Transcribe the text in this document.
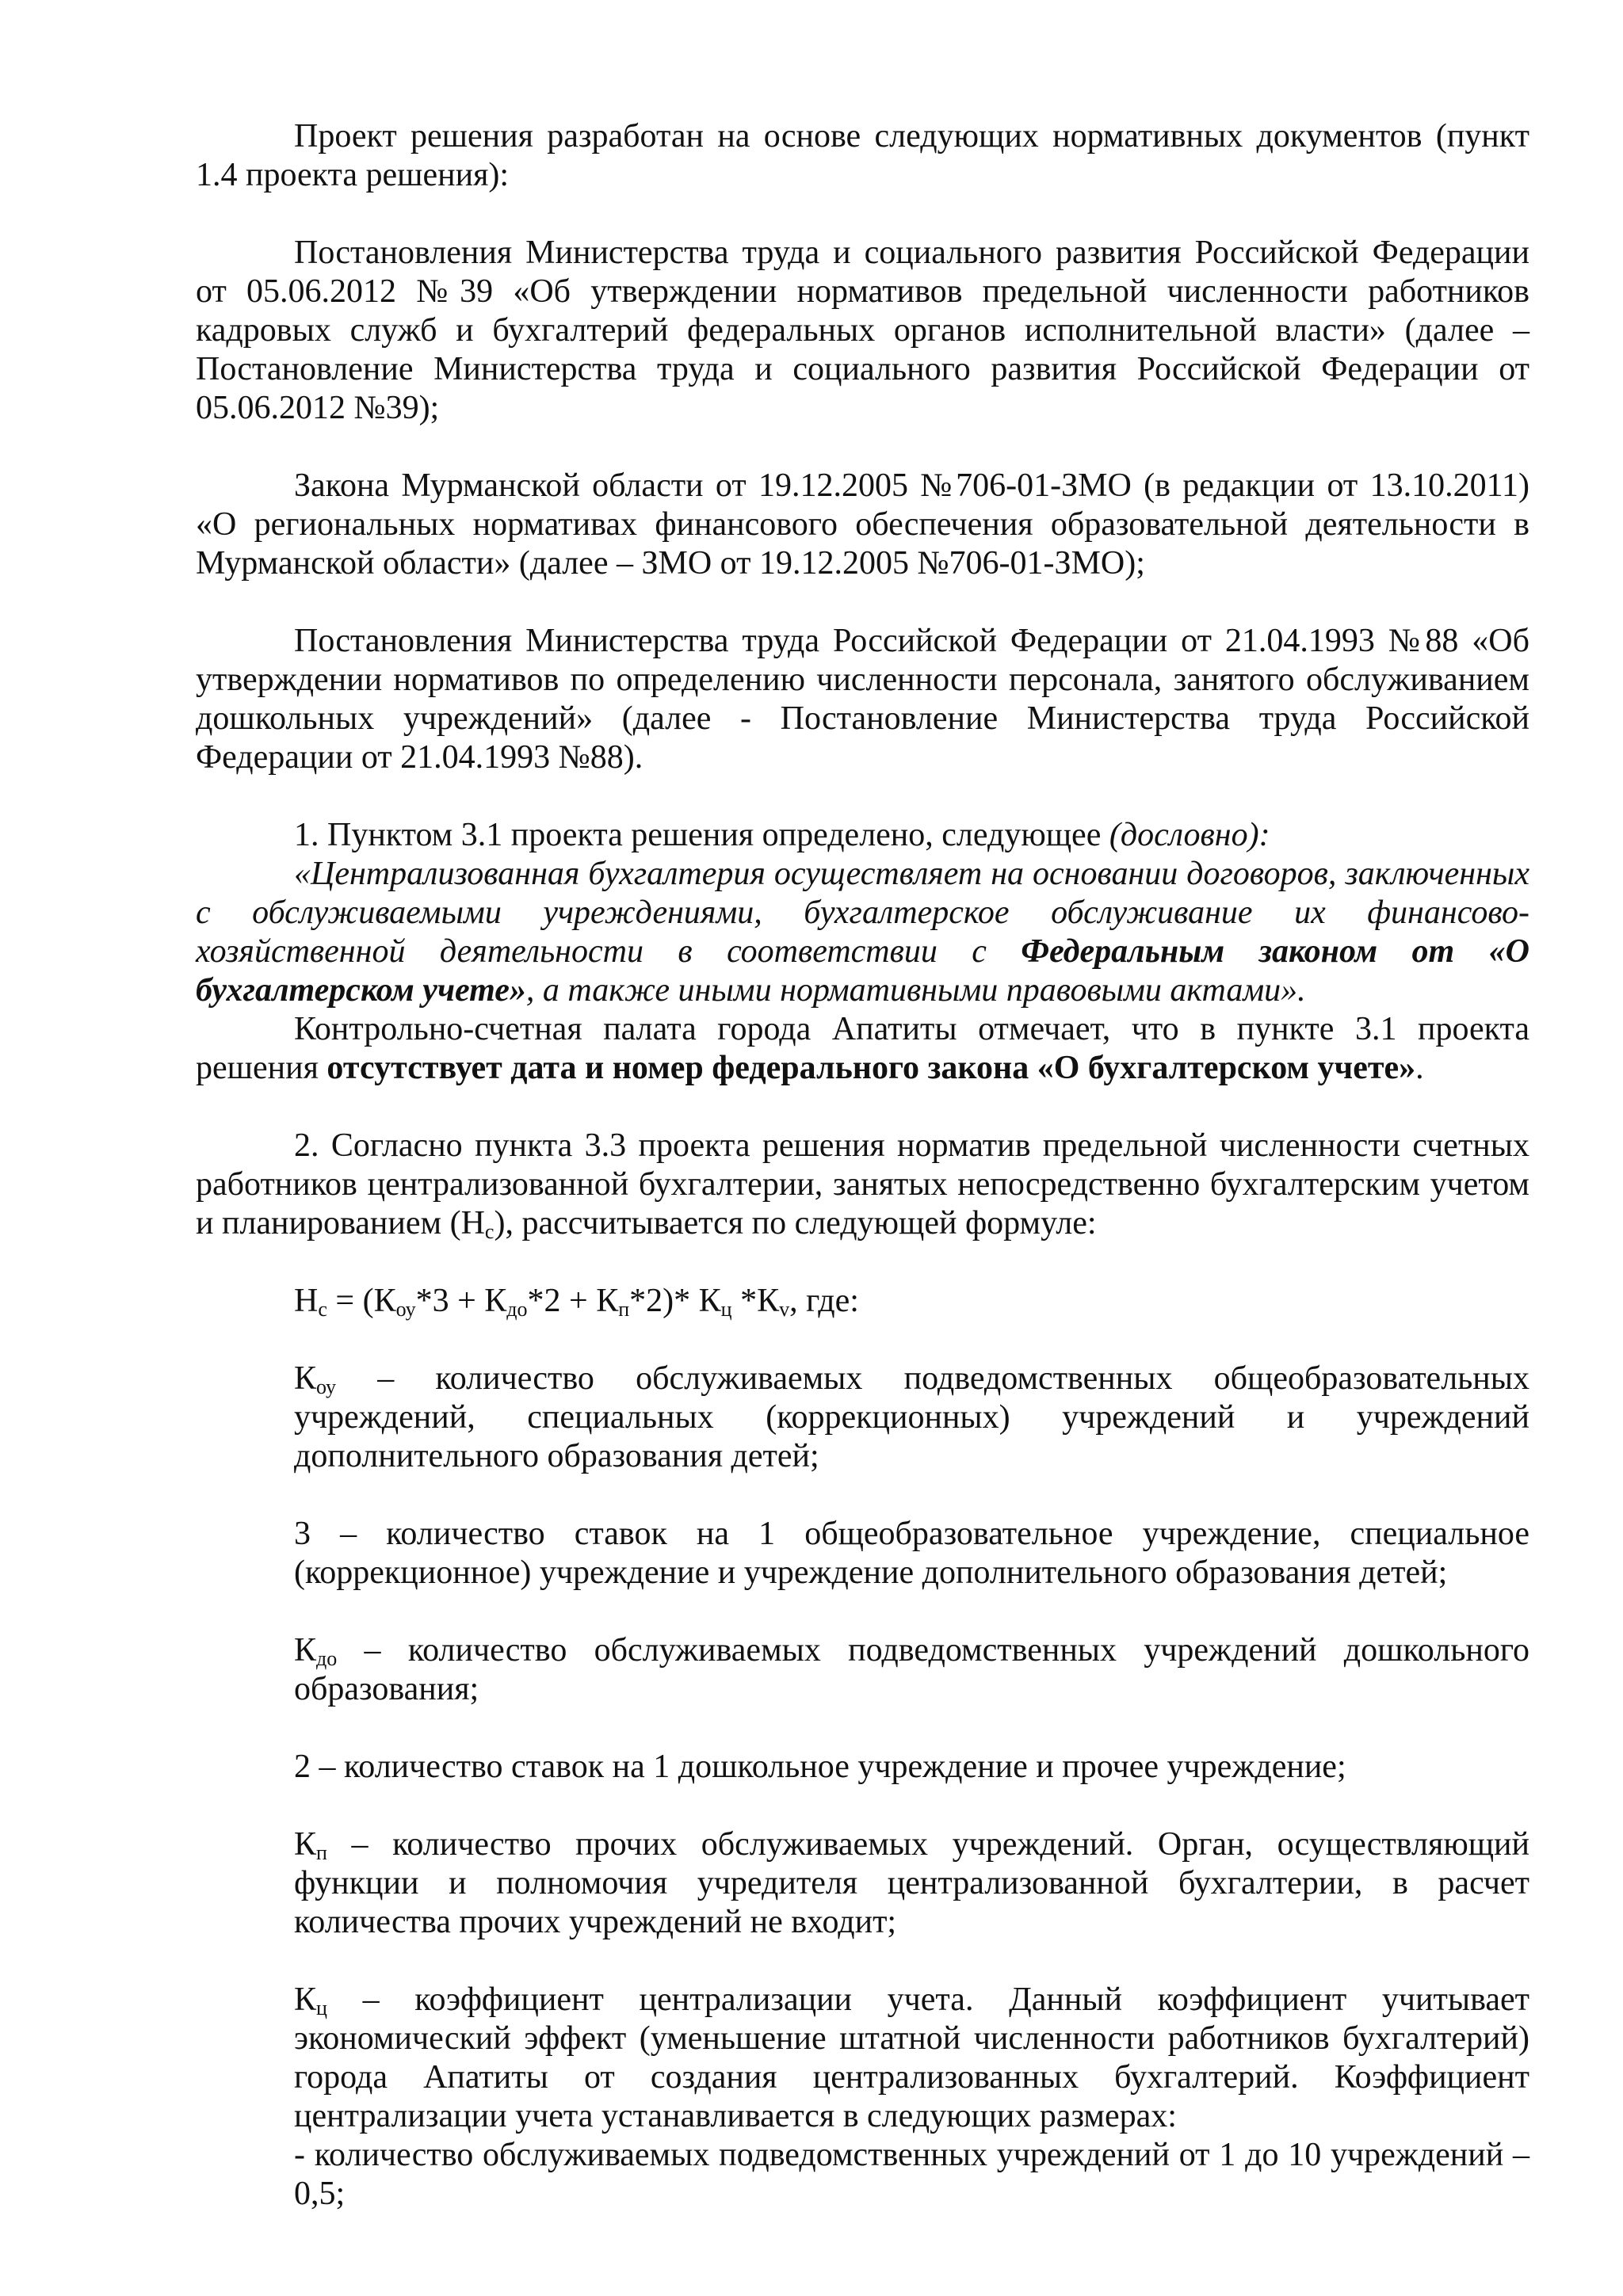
Проект решения разработан на основе следующих нормативных документов (пункт 1.4 проекта решения):

Постановления Министерства труда и социального развития Российской Федерации от 05.06.2012 №39 «Об утверждении нормативов предельной численности работников кадровых служб и бухгалтерий федеральных органов исполнительной власти» (далее – Постановление Министерства труда и социального развития Российской Федерации от 05.06.2012 №39);

Закона Мурманской области от 19.12.2005 №706-01-ЗМО (в редакции от 13.10.2011) «О региональных нормативах финансового обеспечения образовательной деятельности в Мурманской области» (далее – ЗМО от 19.12.2005 №706-01-ЗМО);

Постановления Министерства труда Российской Федерации от 21.04.1993 №88 «Об утверждении нормативов по определению численности персонала, занятого обслуживанием дошкольных учреждений» (далее - Постановление Министерства труда Российской Федерации от 21.04.1993 №88).

1. Пунктом 3.1 проекта решения определено, следующее (дословно):

«Централизованная бухгалтерия осуществляет на основании договоров, заключенных с обслуживаемыми учреждениями, бухгалтерское обслуживание их финансово-хозяйственной деятельности в соответствии с Федеральным законом от «О бухгалтерском учете», а также иными нормативными правовыми актами».

Контрольно-счетная палата города Апатиты отмечает, что в пункте 3.1 проекта решения отсутствует дата и номер федерального закона «О бухгалтерском учете».

2. Согласно пункта 3.3 проекта решения норматив предельной численности счетных работников централизованной бухгалтерии, занятых непосредственно бухгалтерским учетом и планированием $(Н_с)$, рассчитывается по следующей формуле:

$Н_с = (К_{оу}*3 + К_{до}*2 + К_п*2)*$ $К_ц$ $*К_v$, где:

$К_{оу}$ – количество обслуживаемых подведомственных общеобразовательных учреждений, специальных (коррекционных) учреждений и учреждений дополнительного образования детей;

3 – количество ставок на 1 общеобразовательное учреждение, специальное (коррекционное) учреждение и учреждение дополнительного образования детей;

$К_{до}$ – количество обслуживаемых подведомственных учреждений дошкольного образования;

2 – количество ставок на 1 дошкольное учреждение и прочее учреждение;

$К_п$ – количество прочих обслуживаемых учреждений. Орган, осуществляющий функции и полномочия учредителя централизованной бухгалтерии, в расчет количества прочих учреждений не входит;

$К_ц$ – коэффициент централизации учета. Данный коэффициент учитывает экономический эффект (уменьшение штатной численности работников бухгалтерий) города Апатиты от создания централизованных бухгалтерий. Коэффициент централизации учета устанавливается в следующих размерах:

- количество обслуживаемых подведомственных учреждений от 1 до 10 учреждений – 0,5;
